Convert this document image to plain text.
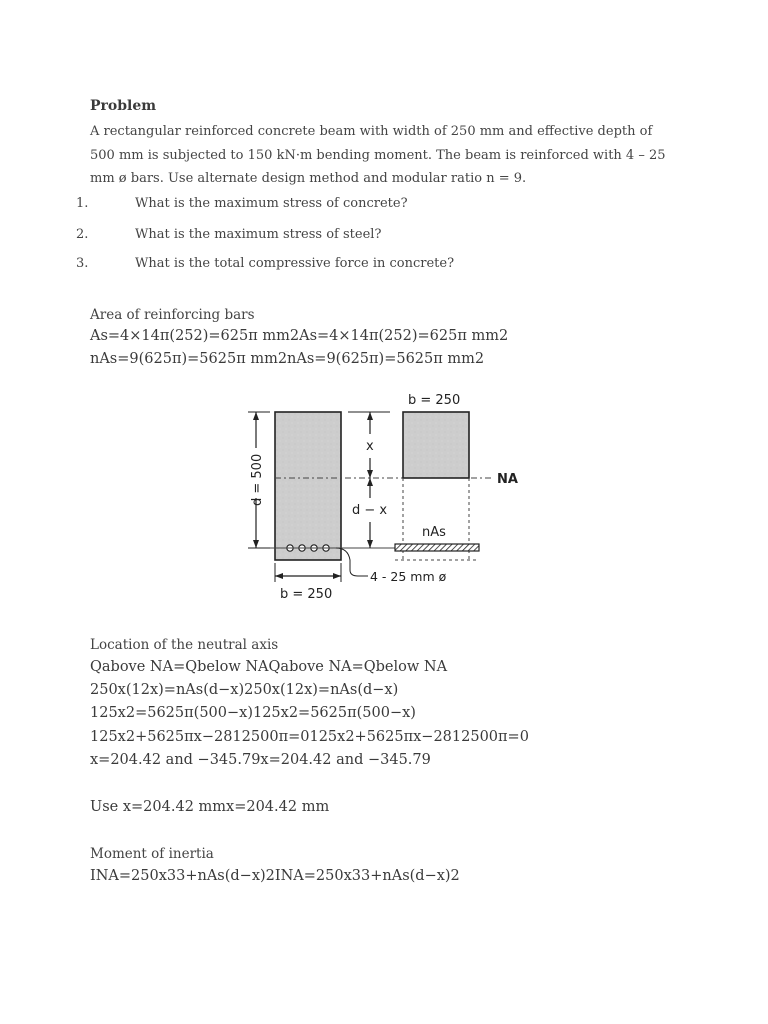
Problem
A rectangular reinforced concrete beam with width of 250 mm and effective depth of
500 mm is subjected to 150 kN·m bending moment. The beam is reinforced with 4 – 25
mm ø bars. Use alternate design method and modular ratio n = 9.
1.	What is the maximum stress of concrete?
2.	What is the maximum stress of steel?
3.	What is the total compressive force in concrete?
Area of reinforcing bars
As=4×14π(252)=625π mm2As=4×14π(252)=625π mm2
nAs=9(625π)=5625π mm2nAs=9(625π)=5625π mm2
d = 500
b = 250
4 - 25 mm ø
x
d − x
b = 250
NA
nAs
Location of the neutral axis
Qabove NA=Qbelow NAQabove NA=Qbelow NA
250x(12x)=nAs(d−x)250x(12x)=nAs(d−x)
125x2=5625π(500−x)125x2=5625π(500−x)
125x2+5625πx−2812500π=0125x2+5625πx−2812500π=0
x=204.42 and −345.79x=204.42 and −345.79
Use x=204.42 mmx=204.42 mm
Moment of inertia
INA=250x33+nAs(d−x)2INA=250x33+nAs(d−x)2
